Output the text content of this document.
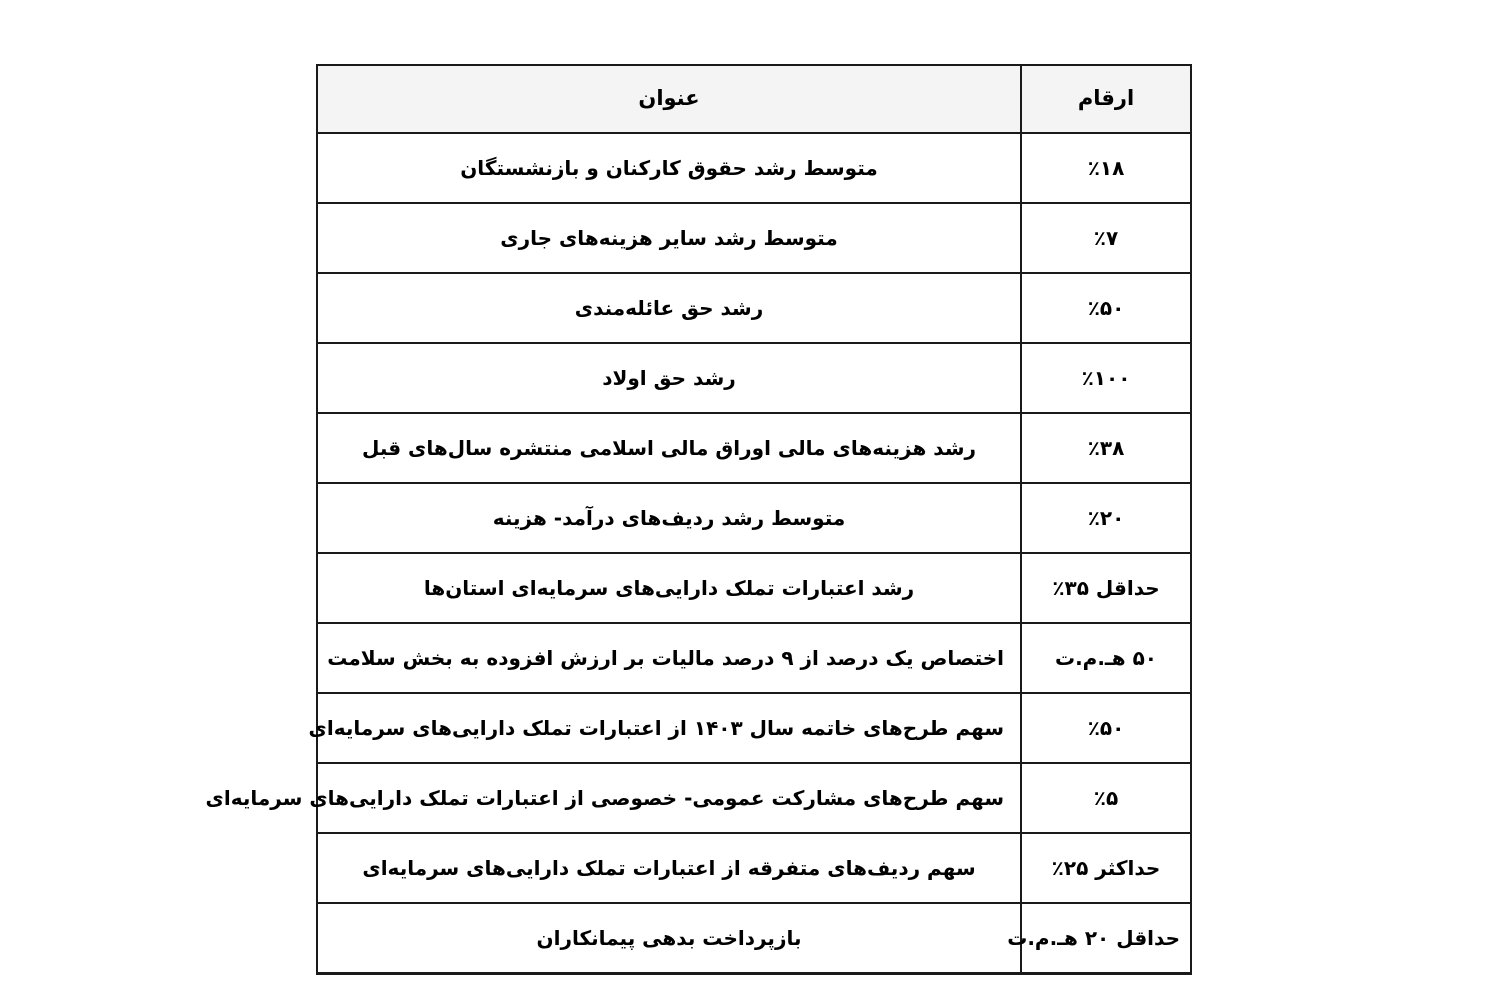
ارقام	عنوان
٪۱۸	متوسط رشد حقوق کارکنان و بازنشستگان
٪۷	متوسط رشد سایر هزینه‌های جاری
٪۵۰	رشد حق عائله‌مندی
٪۱۰۰	رشد حق اولاد
٪۳۸	رشد هزینه‌های مالی اوراق مالی اسلامی منتشره سال‌های قبل
٪۲۰	متوسط رشد ردیف‌های درآمد- هزینه
حداقل ۳۵٪	رشد اعتبارات تملک دارایی‌های سرمایه‌ای استان‌ها
۵۰ هـ.م.ت	اختصاص یک درصد از ۹ درصد مالیات بر ارزش افزوده به بخش سلامت
٪۵۰	سهم طرح‌های خاتمه سال ۱۴۰۳ از اعتبارات تملک دارایی‌های سرمایه‌ای
٪۵	سهم طرح‌های مشارکت عمومی- خصوصی از اعتبارات تملک دارایی‌های سرمایه‌ای
حداکثر ۲۵٪	سهم ردیف‌های متفرقه از اعتبارات تملک دارایی‌های سرمایه‌ای
حداقل ۲۰ هـ.م.ت	بازپرداخت بدهی پیمانکاران
